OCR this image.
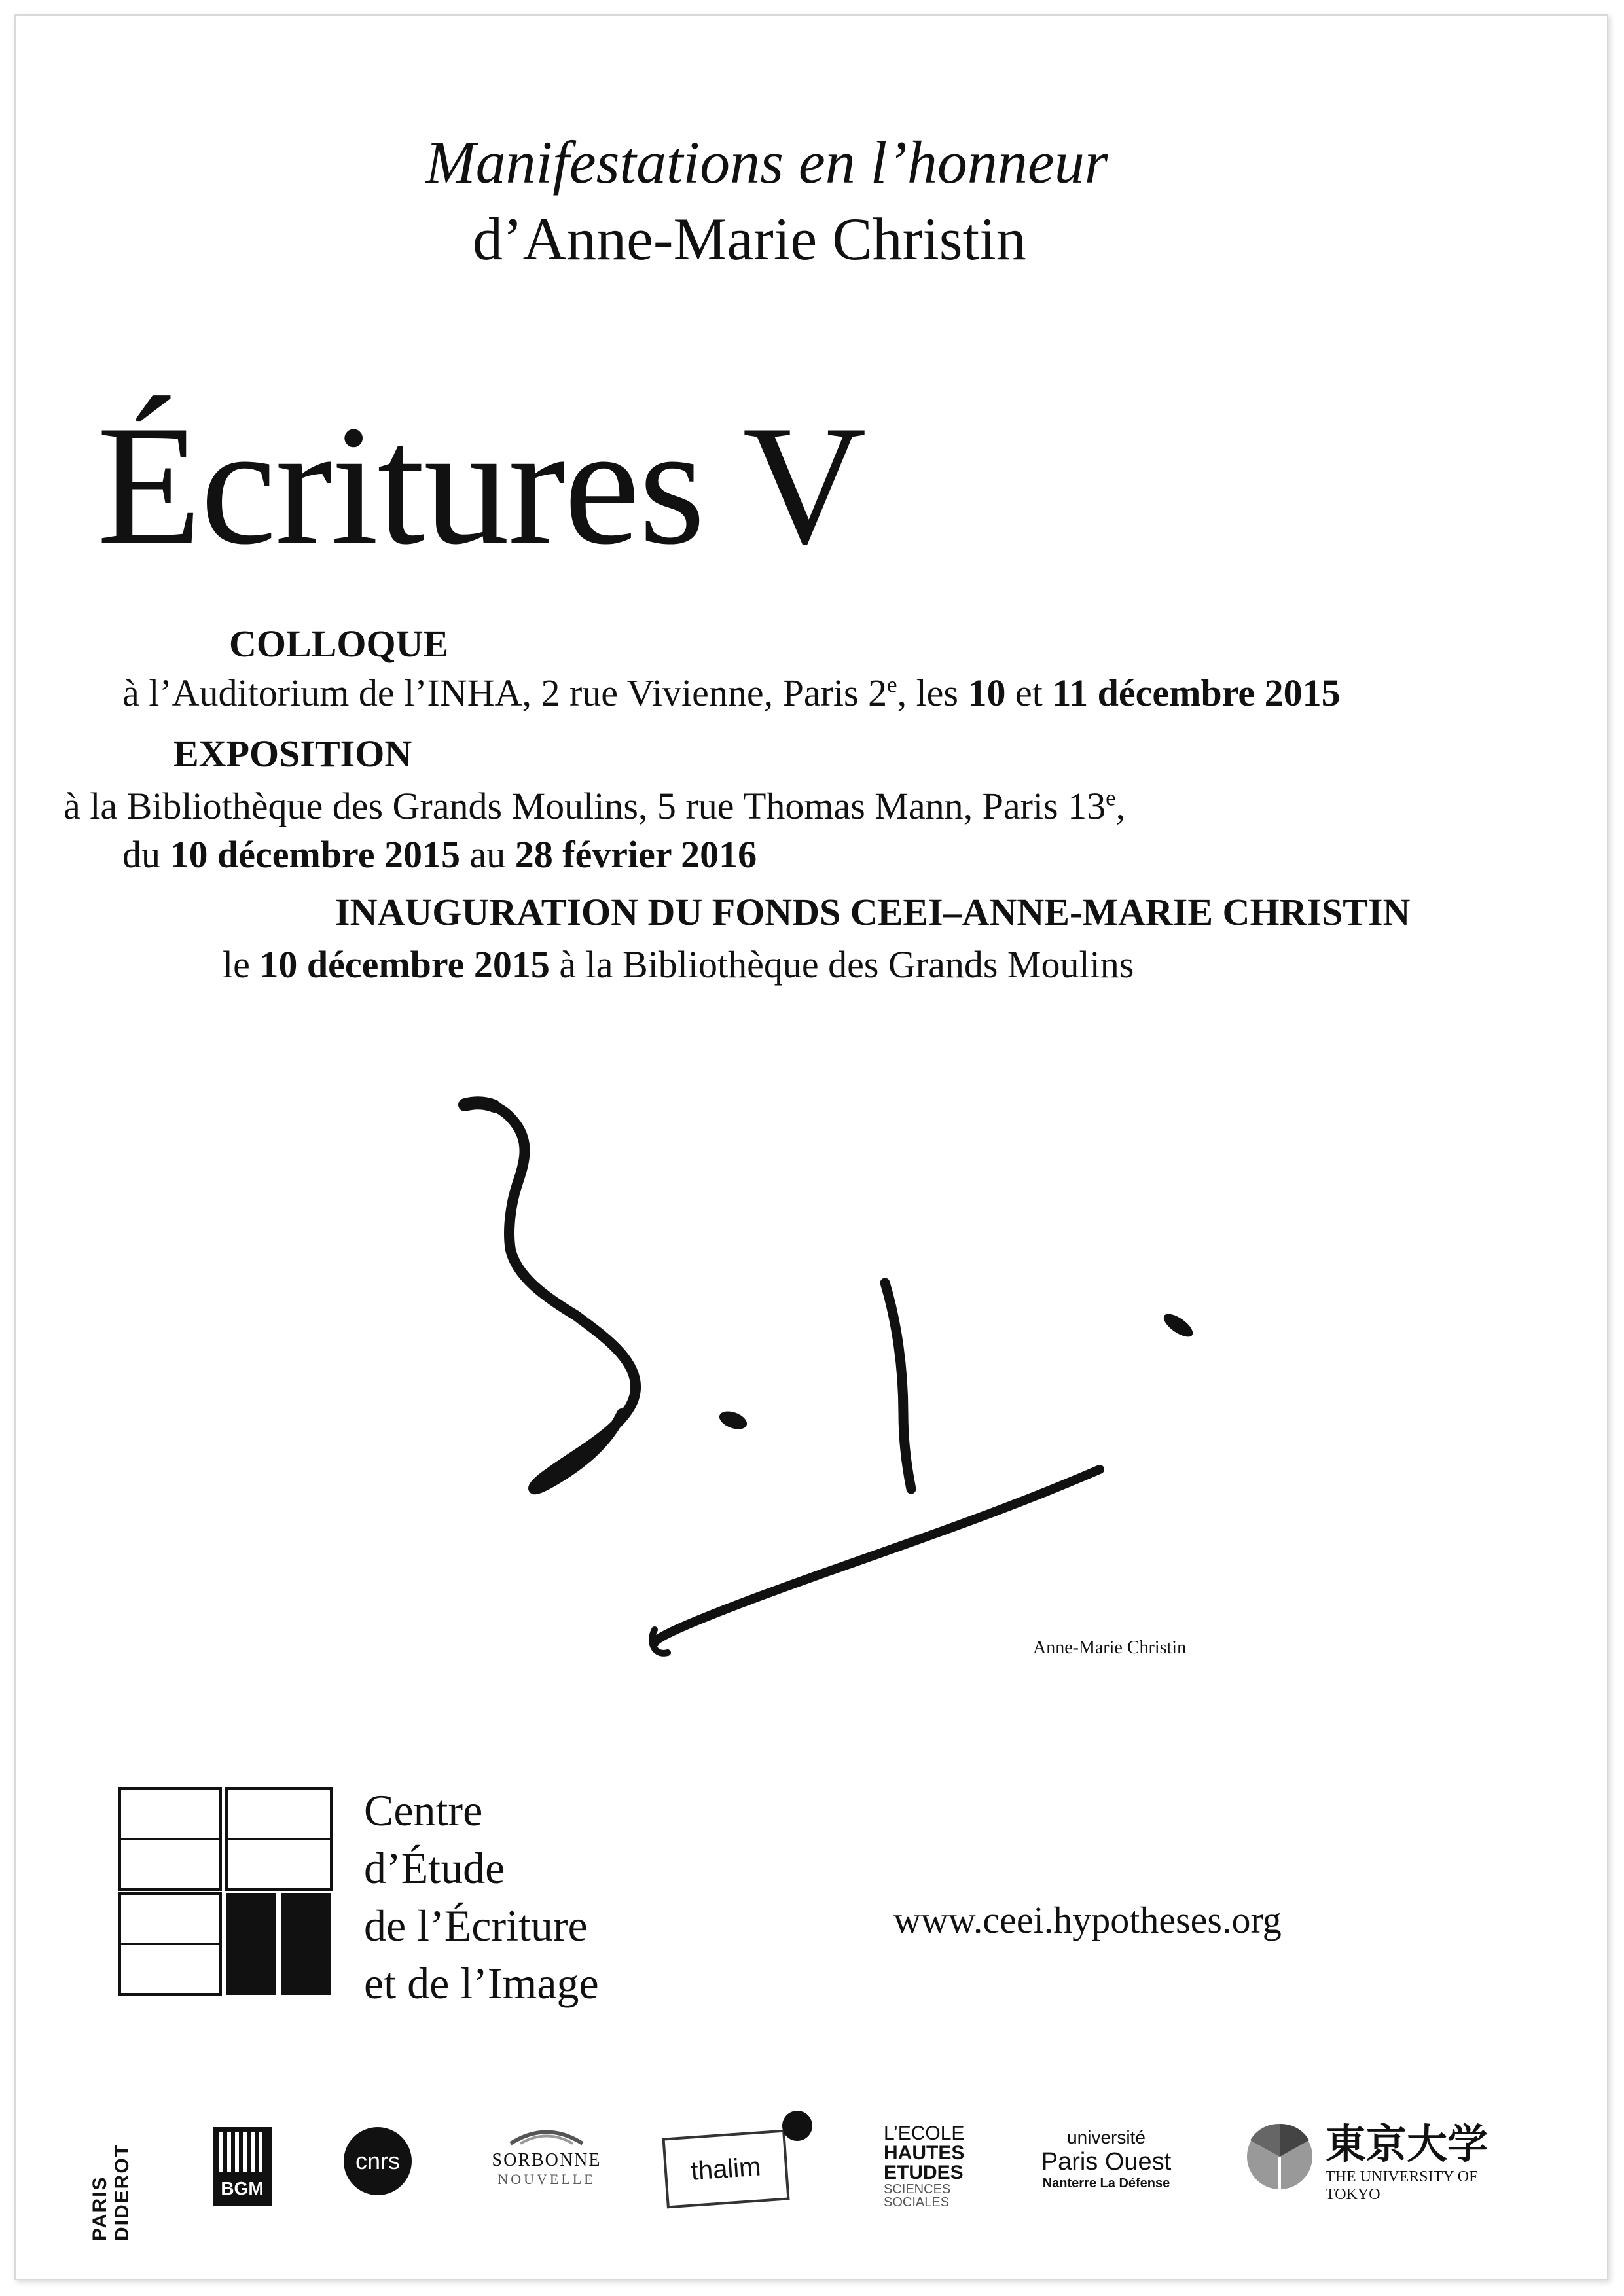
Manifestations en l’honneur
d’Anne-Marie Christin
Écritures V
COLLOQUE
à l’Auditorium de l’INHA, 2 rue Vivienne, Paris 2e, les 10 et 11 décembre 2015
EXPOSITION
à la Bibliothèque des Grands Moulins, 5 rue Thomas Mann, Paris 13e,
du 10 décembre 2015 au 28 février 2016
INAUGURATION DU FONDS CEEI–ANNE-MARIE CHRISTIN
le 10 décembre 2015 à la Bibliothèque des Grands Moulins
Anne-Marie Christin
Centre
d’Étude
de l’Écriture
et de l’Image
www.ceei.hypotheses.org
PARIS DIDEROT	BGM
cnrs	SORBONNE
NOUVELLE	thalim
L’ECOLE
HAUTES
ETUDES
SCIENCES
SOCIALES
université
Paris Ouest
Nanterre La Défense
東京大学
THE UNIVERSITY OF TOKYO
